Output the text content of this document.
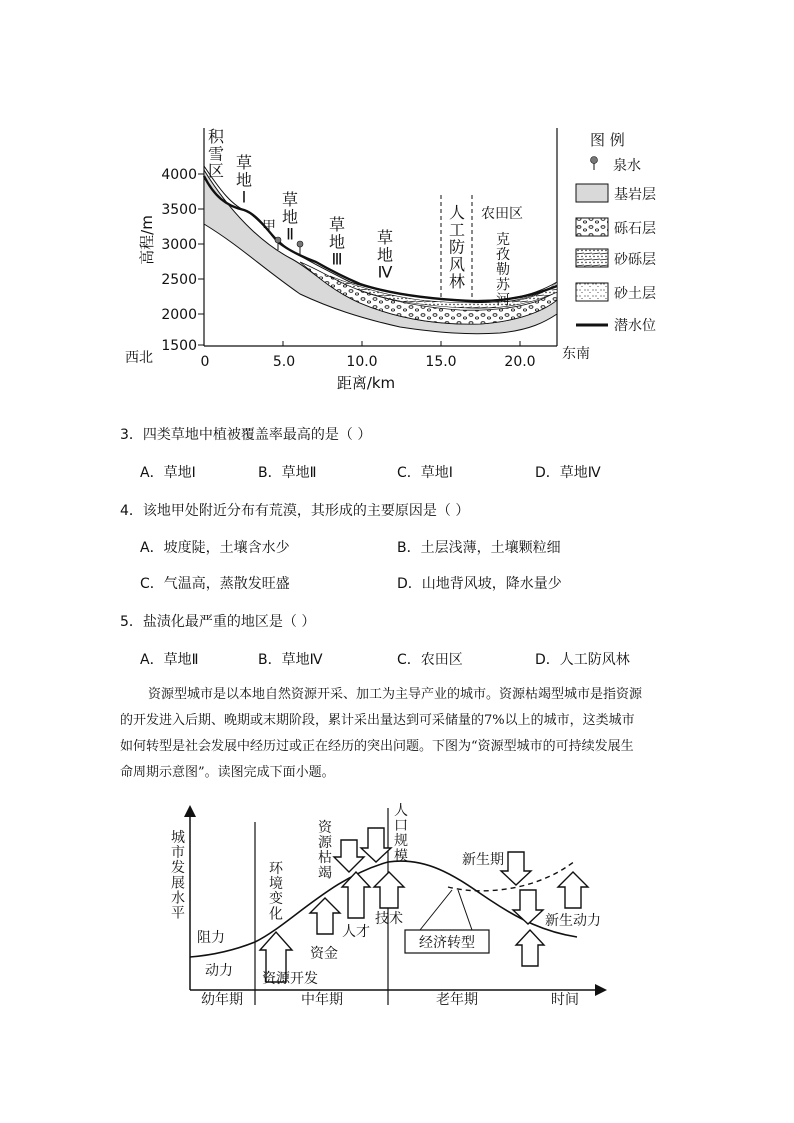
4000
3500
3000
2500
2000
1500
0	5.0	10.0	15.0	20.0
西北	东南
距离/km
高程/m
积雪区 草地 Ⅰ	草地 Ⅱ
草地 Ⅲ
草地 Ⅳ
人工防风林
克孜勒苏河
甲
农田区
图 例
泉水
基岩层
砾石层
砂砾层
砂土层
潜水位
3．四类草地中植被覆盖率最高的是（ ）
A．草地Ⅰ	B．草地Ⅱ	C．草地Ⅰ	D．草地Ⅳ
4．该地甲处附近分布有荒漠，其形成的主要原因是（ ）
A．坡度陡，土壤含水少	B．土层浅薄，土壤颗粒细
C．气温高，蒸散发旺盛	D．山地背风坡，降水量少
5．盐渍化最严重的地区是（ ）
A．草地Ⅱ	B．草地Ⅳ	C．农田区	D．人工防风林
资源型城市是以本地自然资源开采、加工为主导产业的城市。资源枯竭型城市是指资源
的开发进入后期、晚期或末期阶段，累计采出量达到可采储量的7%以上的城市，这类城市
如何转型是社会发展中经历过或正在经历的突出问题。下图为“资源型城市的可持续发展生
命周期示意图”。读图完成下面小题。
经济转型
城市发展水平
人口规模
资源枯竭
环境变化
阻力
动力 资源开发
资金
人才
技术
新生期
新生动力
幼年期	中年期	老年期	时间
